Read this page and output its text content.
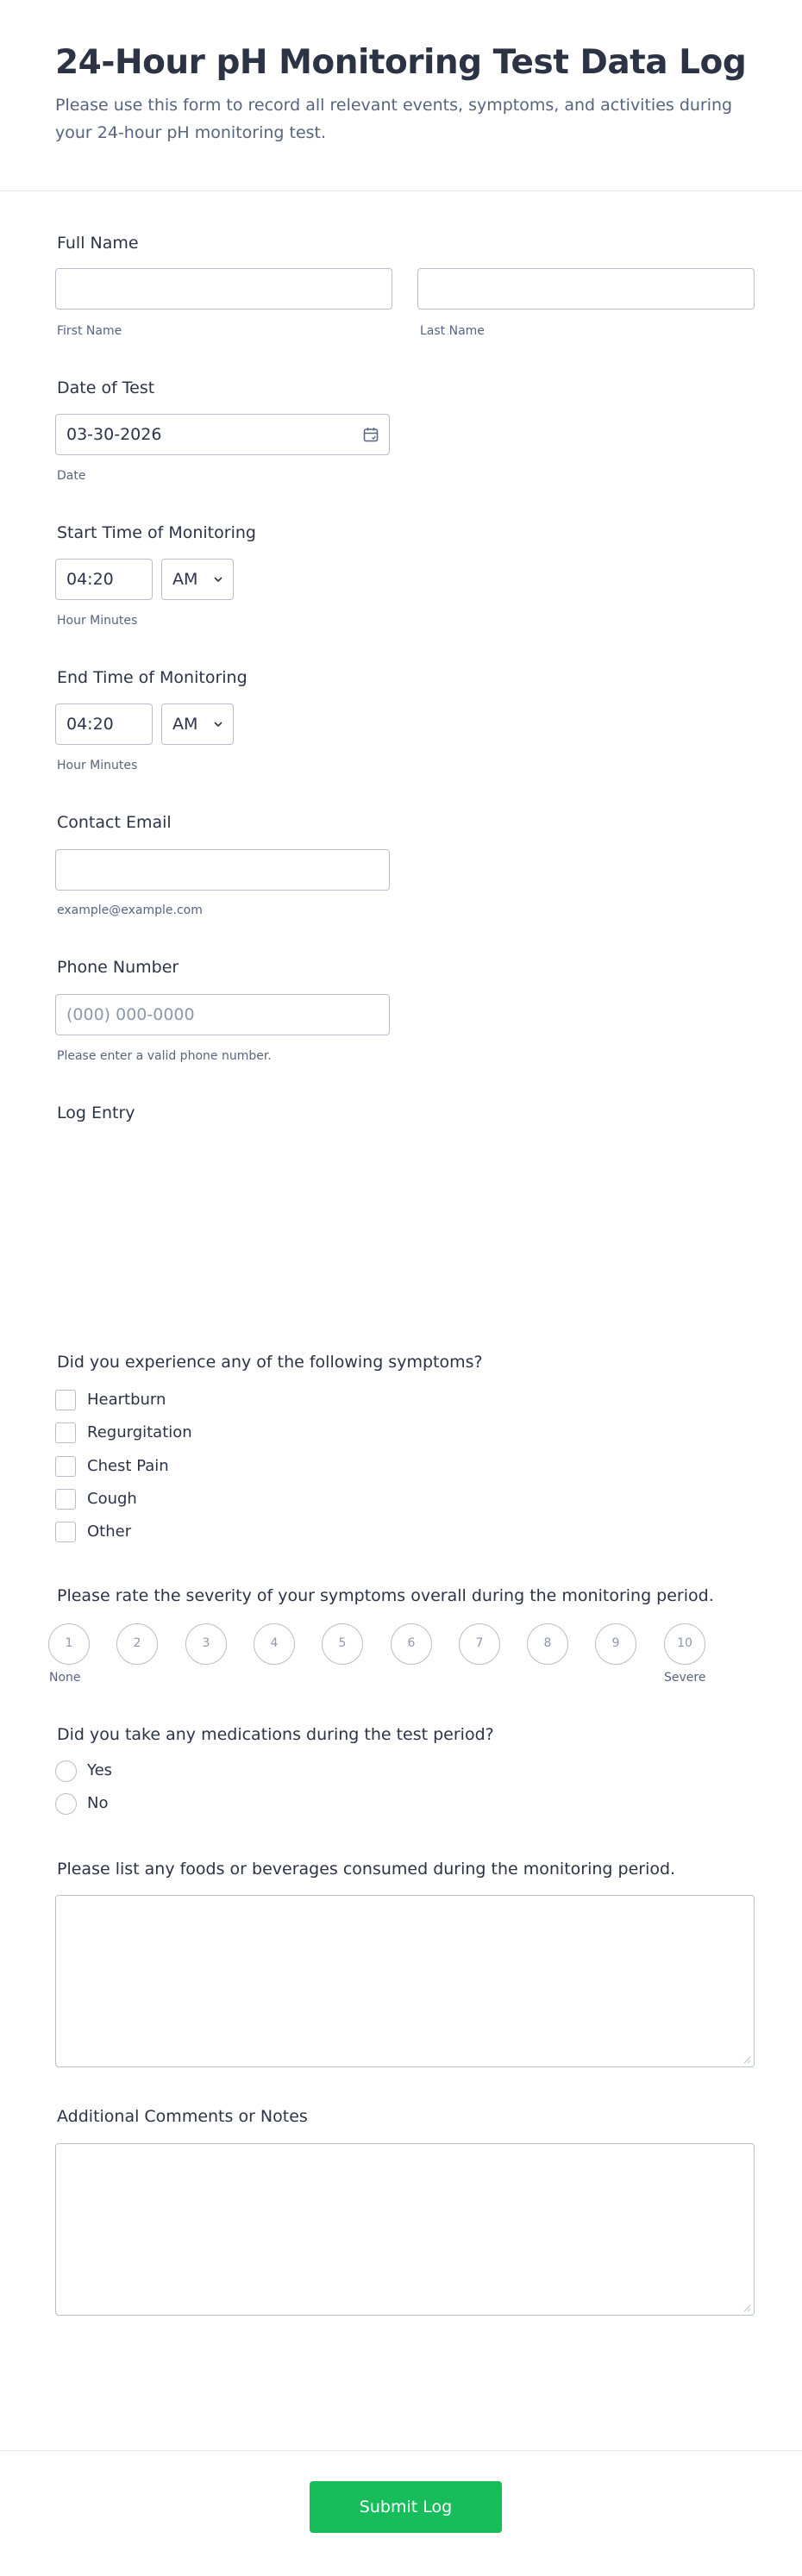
24-Hour pH Monitoring Test Data Log
Please use this form to record all relevant events, symptoms, and activities during your 24-hour pH monitoring test.
Full Name
First Name	Last Name
Date of Test
03-30-2026
Date
Start Time of Monitoring
04:20	AM
Hour Minutes
End Time of Monitoring
04:20	AM
Hour Minutes
Contact Email
example@example.com
Phone Number
(000) 000-0000
Please enter a valid phone number.
Log Entry
Did you experience any of the following symptoms?
Heartburn
Regurgitation
Chest Pain
Cough
Other
Please rate the severity of your symptoms overall during the monitoring period.
1	2	3	4	5	6	7	8	9	10
None	Severe
Did you take any medications during the test period?
Yes
No
Please list any foods or beverages consumed during the monitoring period.
Additional Comments or Notes
Submit Log
